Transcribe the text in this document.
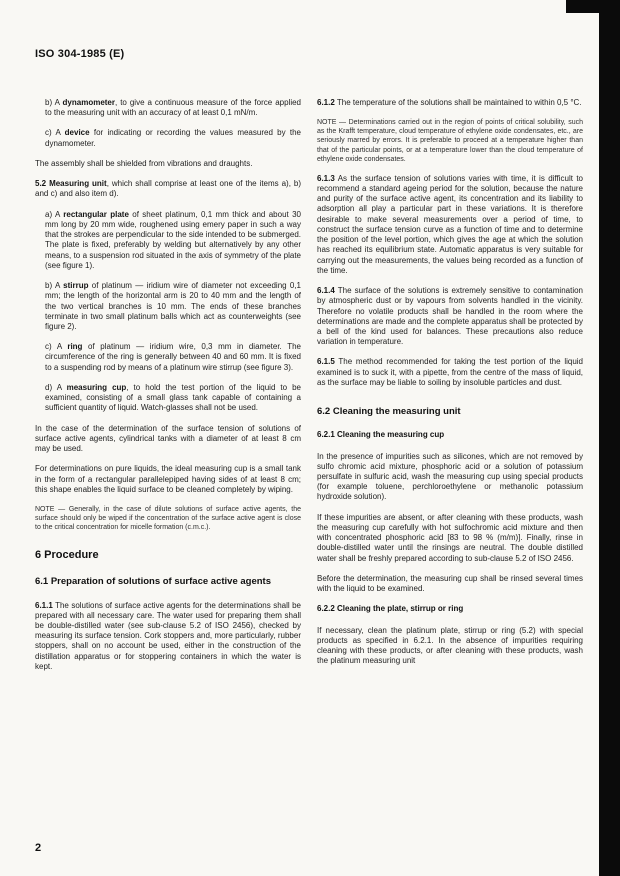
ISO 304-1985 (E)
b) A dynamometer, to give a continuous measure of the force applied to the measuring unit with an accuracy of at least 0,1 mN/m.
c) A device for indicating or recording the values measured by the dynamometer.
The assembly shall be shielded from vibrations and draughts.
5.2 Measuring unit, which shall comprise at least one of the items a), b) and c) and also item d).
a) A rectangular plate of sheet platinum, 0,1 mm thick and about 30 mm long by 20 mm wide, roughened using emery paper in such a way that the strokes are perpendicular to the side intended to be submerged. The plate is fixed, preferably by welding but alternatively by any other means, to a suspension rod situated in the axis of symmetry of the plate (see figure 1).
b) A stirrup of platinum — iridium wire of diameter not exceeding 0,1 mm; the length of the horizontal arm is 20 to 40 mm and the length of the two vertical branches is 10 mm. The ends of these branches terminate in two small platinum balls which act as counterweights (see figure 2).
c) A ring of platinum — iridium wire, 0,3 mm in diameter. The circumference of the ring is generally between 40 and 60 mm. It is fixed to a suspending rod by means of a platinum wire stirrup (see figure 3).
d) A measuring cup, to hold the test portion of the liquid to be examined, consisting of a small glass tank capable of containing a sufficient quantity of liquid. Watch-glasses shall not be used.
In the case of the determination of the surface tension of solutions of surface active agents, cylindrical tanks with a diameter of at least 8 cm may be used.
For determinations on pure liquids, the ideal measuring cup is a small tank in the form of a rectangular parallelepiped having sides of at least 8 cm; this shape enables the liquid surface to be cleaned completely by wiping.
NOTE — Generally, in the case of dilute solutions of surface active agents, the surface should only be wiped if the concentration of the surface active agent is close to the critical concentration for micelle formation (c.m.c.).
6 Procedure
6.1 Preparation of solutions of surface active agents
6.1.1 The solutions of surface active agents for the determinations shall be prepared with all necessary care. The water used for preparing them shall be double-distilled water (see sub-clause 5.2 of ISO 2456), checked by measuring its surface tension. Cork stoppers and, more particularly, rubber stoppers, shall on no account be used, either in the construction of the distillation apparatus or for stoppering containers in which the water is kept.
6.1.2 The temperature of the solutions shall be maintained to within 0,5 °C.
NOTE — Determinations carried out in the region of points of critical solubility, such as the Krafft temperature, cloud temperature of ethylene oxide condensates, etc., are seriously marred by errors. It is preferable to proceed at a temperature higher than that of the particular points, or at a temperature lower than the cloud temperature of ethylene oxide condensates.
6.1.3 As the surface tension of solutions varies with time, it is difficult to recommend a standard ageing period for the solution, because the nature and purity of the surface active agent, its concentration and its liability to adsorption all play a particular part in these variations. It is therefore desirable to make several measurements over a period of time, to construct the surface tension curve as a function of time and to determine the position of the level portion, which gives the age at which the solution has reached its equilibrium state. Automatic apparatus is very suitable for carrying out the measurements, the values being recorded as a function of the time.
6.1.4 The surface of the solutions is extremely sensitive to contamination by atmospheric dust or by vapours from solvents handled in the vicinity. Therefore no volatile products shall be handled in the room where the determinations are made and the complete apparatus shall be protected by a bell of the kind used for balances. These precautions also reduce variation in temperature.
6.1.5 The method recommended for taking the test portion of the liquid examined is to suck it, with a pipette, from the centre of the mass of liquid, as the surface may be liable to soiling by insoluble particles and dust.
6.2 Cleaning the measuring unit
6.2.1 Cleaning the measuring cup
In the presence of impurities such as silicones, which are not removed by sulfo chromic acid mixture, phosphoric acid or a solution of potassium persulfate in sulfuric acid, wash the measuring cup using special products (for example toluene, perchloroethylene or methanolic potassium hydroxide solution).
If these impurities are absent, or after cleaning with these products, wash the measuring cup carefully with hot sulfochromic acid mixture and then with concentrated phosphoric acid [83 to 98 % (m/m)]. Finally, rinse in double-distilled water until the rinsings are neutral. The double distilled water shall be freshly prepared according to sub-clause 5.2 of ISO 2456.
Before the determination, the measuring cup shall be rinsed several times with the liquid to be examined.
6.2.2 Cleaning the plate, stirrup or ring
If necessary, clean the platinum plate, stirrup or ring (5.2) with special products as specified in 6.2.1. In the absence of impurities requiring cleaning with these products, or after cleaning with these products, wash the platinum measuring unit
2
